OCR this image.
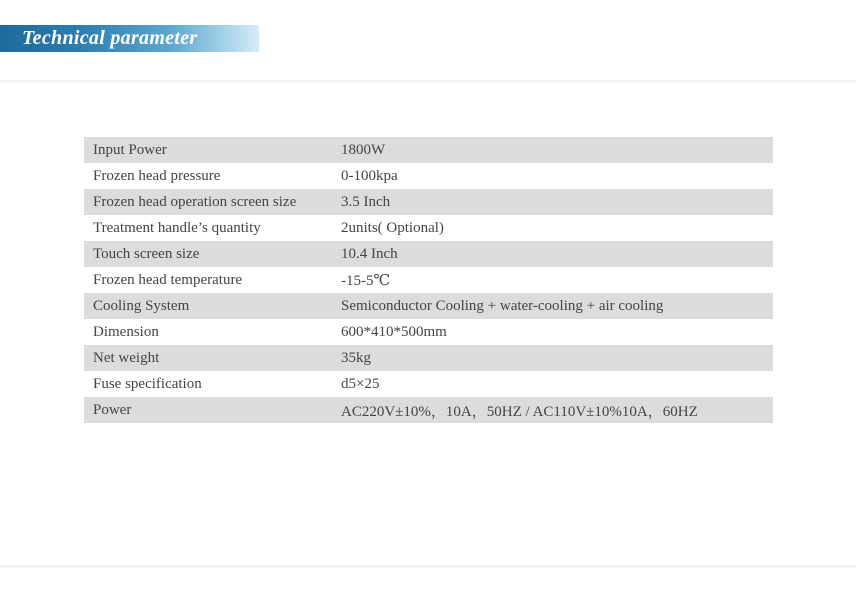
Technical parameter
Input Power	1800W
Frozen head pressure	0-100kpa
Frozen head operation screen size	3.5 Inch
Treatment handle’s quantity	2units( Optional)
Touch screen size	10.4 Inch
Frozen head temperature	-15-5℃
Cooling System	Semiconductor Cooling + water-cooling + air cooling
Dimension	600*410*500mm
Net weight	35kg
Fuse specification	d5×25
Power	AC220V±10%，10A，50HZ / AC110V±10%10A，60HZ
